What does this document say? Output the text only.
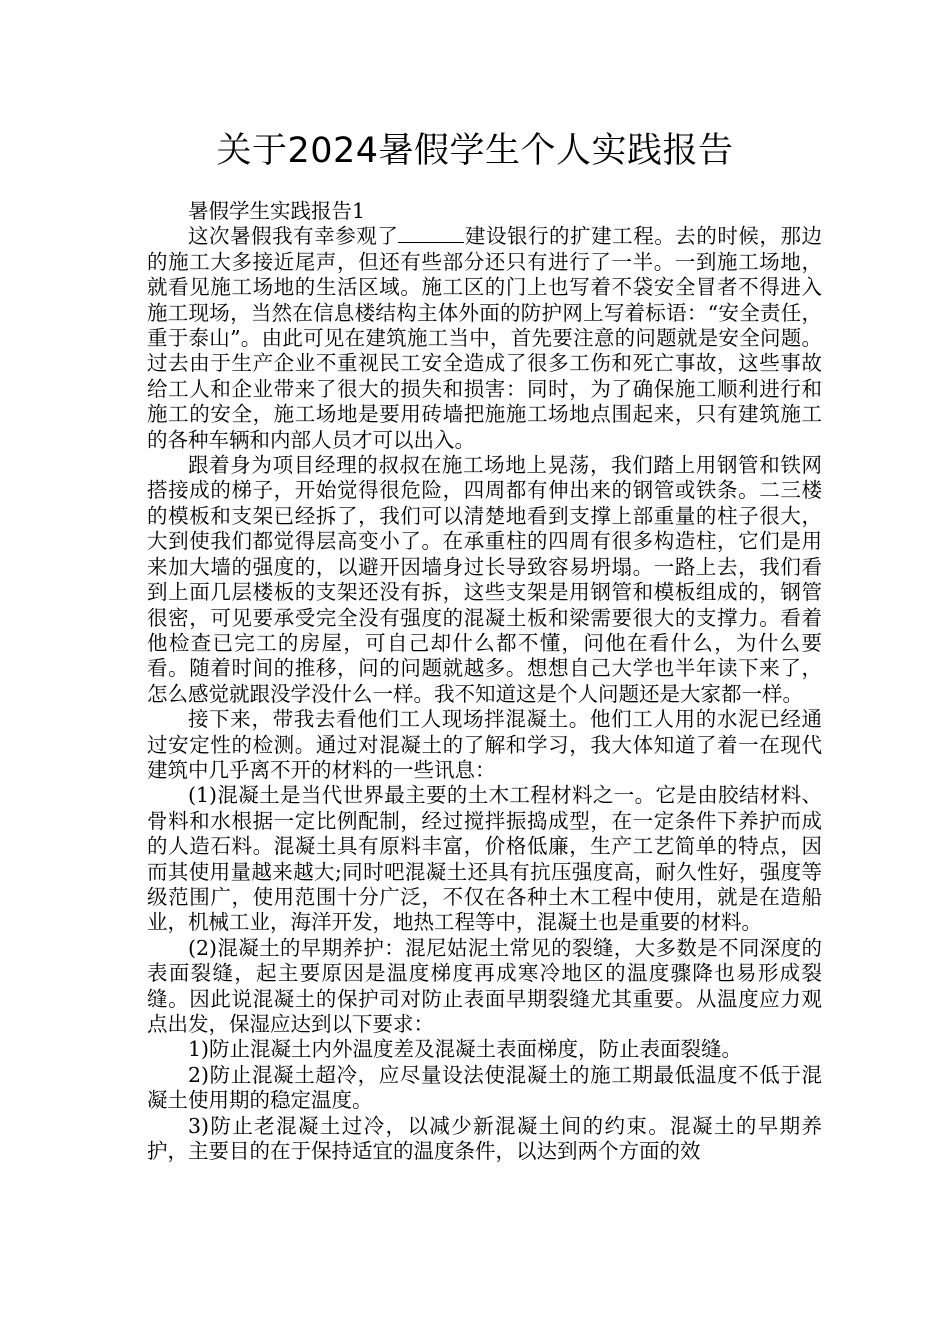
关于2024暑假学生个人实践报告

暑假学生实践报告1

这次暑假我有幸参观了	建设银行的扩建工程。去的时候，那边的施工大多接近尾声，但还有些部分还只有进行了一半。一到施工场地，就看见施工场地的生活区域。施工区的门上也写着不袋安全冒者不得进入施工现场，当然在信息楼结构主体外面的防护网上写着标语：“安全责任，重于泰山”。由此可见在建筑施工当中，首先要注意的问题就是安全问题。过去由于生产企业不重视民工安全造成了很多工伤和死亡事故，这些事故给工人和企业带来了很大的损失和损害：同时，为了确保施工顺利进行和施工的安全，施工场地是要用砖墙把施施工场地点围起来，只有建筑施工的各种车辆和内部人员才可以出入。

跟着身为项目经理的叔叔在施工场地上晃荡，我们踏上用钢管和铁网搭接成的梯子，开始觉得很危险，四周都有伸出来的钢管或铁条。二三楼的模板和支架已经拆了，我们可以清楚地看到支撑上部重量的柱子很大，大到使我们都觉得层高变小了。在承重柱的四周有很多构造柱，它们是用来加大墙的强度的，以避开因墙身过长导致容易坍塌。一路上去，我们看到上面几层楼板的支架还没有拆，这些支架是用钢管和模板组成的，钢管很密，可见要承受完全没有强度的混凝土板和梁需要很大的支撑力。看着他检查已完工的房屋，可自己却什么都不懂，问他在看什么，为什么要看。随着时间的推移，问的问题就越多。想想自己大学也半年读下来了，怎么感觉就跟没学没什么一样。我不知道这是个人问题还是大家都一样。

接下来，带我去看他们工人现场拌混凝土。他们工人用的水泥已经通过安定性的检测。通过对混凝土的了解和学习，我大体知道了着一在现代建筑中几乎离不开的材料的一些讯息：

(1)混凝土是当代世界最主要的土木工程材料之一。它是由胶结材料、骨料和水根据一定比例配制，经过搅拌振捣成型，在一定条件下养护而成的人造石料。混凝土具有原料丰富，价格低廉，生产工艺简单的特点，因而其使用量越来越大;同时吧混凝土还具有抗压强度高，耐久性好，强度等级范围广，使用范围十分广泛，不仅在各种土木工程中使用，就是在造船业，机械工业，海洋开发，地热工程等中，混凝土也是重要的材料。

(2)混凝土的早期养护：混尼姑泥土常见的裂缝，大多数是不同深度的表面裂缝，起主要原因是温度梯度再成寒冷地区的温度骤降也易形成裂缝。因此说混凝土的保护司对防止表面早期裂缝尤其重要。从温度应力观点出发，保湿应达到以下要求：

1)防止混凝土内外温度差及混凝土表面梯度，防止表面裂缝。

2)防止混凝土超冷，应尽量设法使混凝土的施工期最低温度不低于混凝土使用期的稳定温度。

3)防止老混凝土过冷，以减少新混凝土间的约束。混凝土的早期养护，主要目的在于保持适宜的温度条件，以达到两个方面的效
